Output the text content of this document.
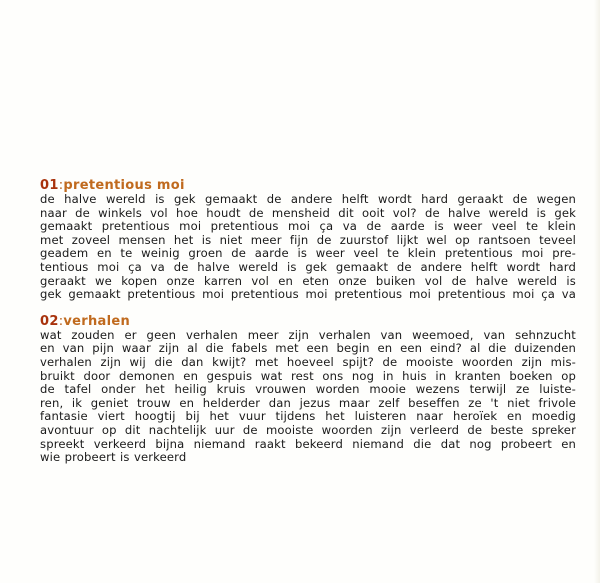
01:pretentious moi
de halve wereld is gek gemaakt de andere helft wordt hard geraakt de wegen
naar de winkels vol hoe houdt de mensheid dit ooit vol? de halve wereld is gek
gemaakt pretentious moi pretentious moi ça va de aarde is weer veel te klein
met zoveel mensen het is niet meer fijn de zuurstof lijkt wel op rantsoen teveel
geadem en te weinig groen de aarde is weer veel te klein pretentious moi pre-
tentious moi ça va de halve wereld is gek gemaakt de andere helft wordt hard
geraakt we kopen onze karren vol en eten onze buiken vol de halve wereld is
gek gemaakt pretentious moi pretentious moi pretentious moi pretentious moi ça va
02:verhalen
wat zouden er geen verhalen meer zijn verhalen van weemoed, van sehnzucht
en van pijn waar zijn al die fabels met een begin en een eind? al die duizenden
verhalen zijn wij die dan kwijt? met hoeveel spijt? de mooiste woorden zijn mis-
bruikt door demonen en gespuis wat rest ons nog in huis in kranten boeken op
de tafel onder het heilig kruis vrouwen worden mooie wezens terwijl ze luiste-
ren, ik geniet trouw en helderder dan jezus maar zelf beseffen ze 't niet frivole
fantasie viert hoogtij bij het vuur tijdens het luisteren naar heroïek en moedig
avontuur op dit nachtelijk uur de mooiste woorden zijn verleerd de beste spreker
spreekt verkeerd bijna niemand raakt bekeerd niemand die dat nog probeert en
wie probeert is verkeerd
